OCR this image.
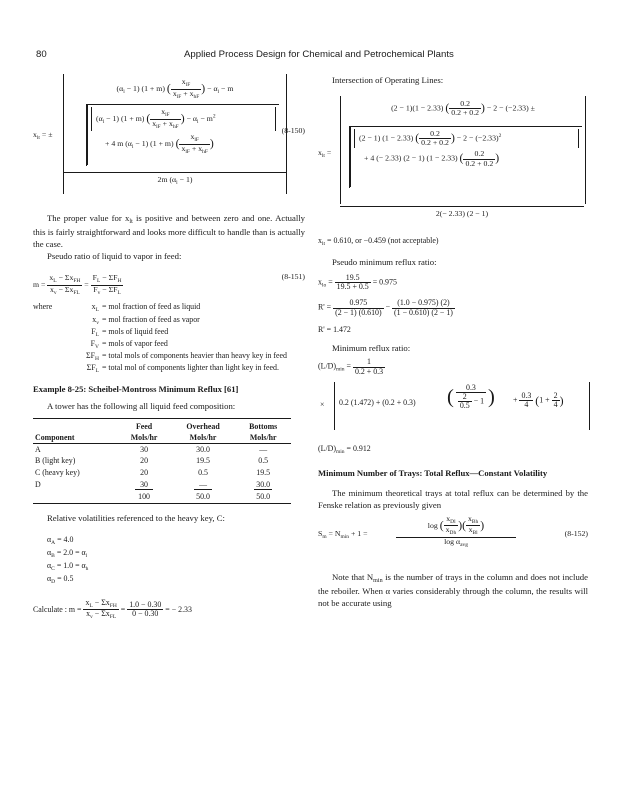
80	Applied Process Design for Chemical and Petrochemical Plants
$x_{lt}$ = ±
$(\alpha_l - 1) (1 + m)$ ( $\frac{x_{lF}}{x_{lF} + x_{hF}}$ ) − $\alpha_l - m$
$(\alpha_l - 1) (1 + m)$ ( $\frac{x_{lF}}{x_{lF} + x_{hF}}$ ) − $\alpha_l - m^2$
+ 4 m $(\alpha_l - 1) (1 + m)$ ( $\frac{x_{lF}}{x_{lF} + x_{hF}}$ )
2m $(\alpha_l - 1)$
(8-150)

The proper value for $x_{lt}$ is positive and between zero and one. Actually this is fairly straightforward and looks more difficult to handle than is actually the case.

Pseudo ratio of liquid to vapor in feed:

$m = \frac{x_L - \Sigma x_{FH}}{x_v - \Sigma x_{FL}} = \frac{F_L - \Sigma F_H}{F_v - \Sigma F_L}$	(8-151)
where	$x_L$ = mol fraction of feed as liquid
$x_v$ = mol fraction of feed as vapor
$F_L$ = mols of liquid feed
$F_V$ = mols of vapor feed
$\Sigma F_H$ = total mols of components heavier than heavy key in feed
$\Sigma F_L$ = total mol of components lighter than light key in feed.

Example 8-25: Scheibel-Montross Minimum Reflux [61]

A tower has the following all liquid feed composition:

	Feed	Overhead	Bottoms
Component	Mols/hr	Mols/hr	Mols/hr
A	30	30.0	—
B (light key)	20	19.5	0.5
C (heavy key)	20	0.5	19.5
D	30	—	30.0
	100	50.0	50.0

Relative volatilities referenced to the heavy key, C:

$\alpha_A = 4.0$
$\alpha_B = 2.0 = \alpha_l$
$\alpha_C = 1.0 = \alpha_h$
$\alpha_D = 0.5$
Calculate : $m = \frac{x_L - \Sigma x_{FH}}{x_v - \Sigma x_{FL}} = \frac{1.0 - 0.30}{0 - 0.30}$ = − 2.33

Intersection of Operating Lines:

$x_{lt}$ =
(2 − 1)(1 − 2.33) ( $\frac{0.2}{0.2 + 0.2}$ ) − 2 − (−2.33) ±
(2 − 1) (1 − 2.33) ( $\frac{0.2}{0.2 + 0.2}$ ) − $2 - (-2.33)^2$
+ 4 (− 2.33) (2 − 1) (1 − 2.33) ( $\frac{0.2}{0.2 + 0.2}$ )
2(− 2.33) (2 − 1)

$x_{lt} = 0.610$, or −0.459 (not acceptable)

Pseudo minimum reflux ratio:

$x_{lo} = \frac{19.5}{19.5 + 0.5} = 0.975$
$R' = \frac{0.975}{(2 - 1) (0.610)} - \frac{(1.0 - 0.975) (2)}{(1 - 0.610) (2 - 1)}$

R' = 1.472

Minimum reflux ratio:

$(L/D)_{min} = \frac{1}{0.2 + 0.3}$
× 0.2 (1.472) + (0.2 + 0.3) ( $\frac{0.3}{\frac{2}{0.5} - 1}$ ) + $\frac{0.3}{4} (1 + \frac{2}{4}$ )

$(L/D)_{min} = 0.912$

Minimum Number of Trays: Total Reflux—Constant Volatility

The minimum theoretical trays at total reflux can be determined by the Fenske relation as previously given

$S_m = N_{min} + 1$ =	$\frac{\log ( \frac{x_{Dl}}{x_{Dh}} )( \frac{x_{Bh}}{x_{Bl}} )}{\log \alpha_{avg}}$	(8-152)

Note that $N_{min}$ is the number of trays in the column and does not include the reboiler. When α varies considerably through the column, the results will not be accurate using
